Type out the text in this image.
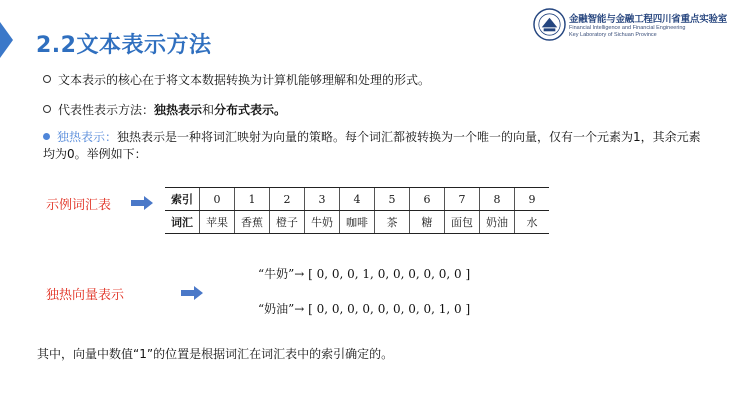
2.2文本表示方法
金融智能与金融工程四川省重点实验室
Financial Intelligence and Financial Engineering
Key Laboratory of Sichuan Province
文本表示的核心在于将文本数据转换为计算机能够理解和处理的形式。
代表性表示方法：独热表示和分布式表示。
独热表示：独热表示是一种将词汇映射为向量的策略。每个词汇都被转换为一个唯一的向量，仅有一个元素为1，其余元素均为0。举例如下：
示例词汇表	索引	0	1	2	3	4	5	6	7	8	9
词汇	苹果	香蕉	橙子	牛奶	咖啡	茶	糖	面包	奶油	水
独热向量表示
“牛奶”→ [ 0, 0, 0, 1, 0, 0, 0, 0, 0, 0 ]
“奶油”→ [ 0, 0, 0, 0, 0, 0, 0, 0, 1, 0 ]
其中，向量中数值“1”的位置是根据词汇在词汇表中的索引确定的。
